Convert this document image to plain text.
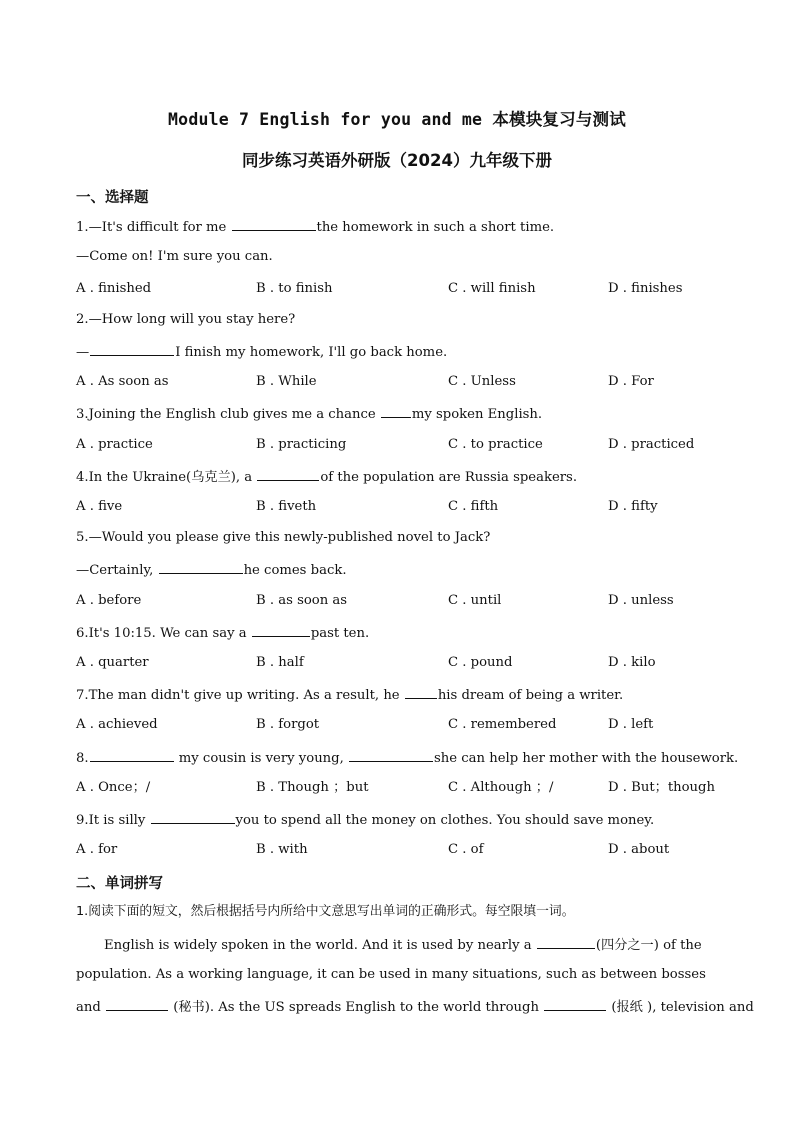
Module 7 English for you and me 本模块复习与测试
同步练习英语外研版（2024）九年级下册
一、选择题
1.—It's difficult for me	the homework in such a short time.
—Come on! I'm sure you can.
A . finished	B . to finish	C . will finish	D . finishes
2.—How long will you stay here?
—	I finish my homework, I'll go back home.
A . As soon as	B . While	C . Unless	D . For
3.Joining the English club gives me a chance my spoken English.
A . practice	B . practicing	C . to practice	D . practiced
4.In the Ukraine(乌克兰), a	of the population are Russia speakers.
A . five	B . fiveth	C . fifth	D . fifty
5.—Would you please give this newly-published novel to Jack?
—Certainly,	he comes back.
A . before	B . as soon as	C . until	D . unless
6.It's 10:15. We can say a	past ten.
A . quarter	B . half	C . pound	D . kilo
7.The man didn't give up writing. As a result, he	his dream of being a writer.
A . achieved	B . forgot	C . remembered	D . left
8.	my cousin is very young,	she can help her mother with the housework.
A . Once；/	B . Though ；but	C . Although ；/	D . But；though
9.It is silly	you to spend all the money on clothes. You should save money.
A . for	B . with	C . of	D . about
二、单词拼写
1.阅读下面的短文，然后根据括号内所给中文意思写出单词的正确形式。每空限填一词。
English is widely spoken in the world. And it is used by nearly a	(四分之一) of the
population. As a working language, it can be used in many situations, such as between bosses
and	(秘书). As the US spreads English to the world through	(报纸 ), television and
